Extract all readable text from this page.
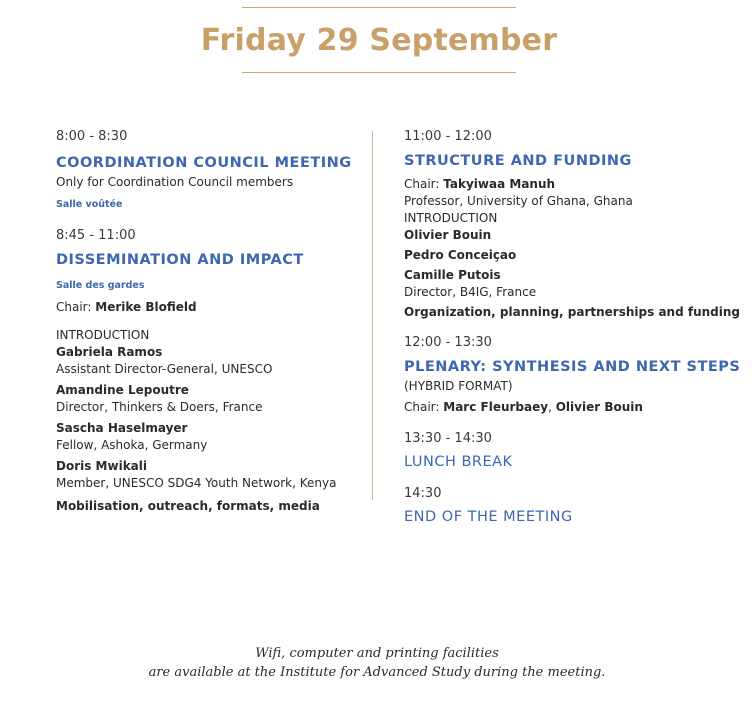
Friday 29 September
8:00 - 8:30
COORDINATION COUNCIL MEETING
Only for Coordination Council members
Salle voûtée
8:45 - 11:00
DISSEMINATION AND IMPACT
Salle des gardes
Chair: Merike Blofield
INTRODUCTION
Gabriela Ramos
Assistant Director-General, UNESCO
Amandine Lepoutre
Director, Thinkers & Doers, France
Sascha Haselmayer
Fellow, Ashoka, Germany
Doris Mwikali
Member, UNESCO SDG4 Youth Network, Kenya
Mobilisation, outreach, formats, media
11:00 - 12:00
STRUCTURE AND FUNDING
Chair: Takyiwaa Manuh
Professor, University of Ghana, Ghana
INTRODUCTION
Olivier Bouin
Pedro Conceiçao
Camille Putois
Director, B4IG, France
Organization, planning, partnerships and funding
12:00 - 13:30
PLENARY: SYNTHESIS AND NEXT STEPS
(HYBRID FORMAT)
Chair: Marc Fleurbaey, Olivier Bouin
13:30 - 14:30
LUNCH BREAK
14:30
END OF THE MEETING
Wifi, computer and printing facilities
are available at the Institute for Advanced Study during the meeting.
